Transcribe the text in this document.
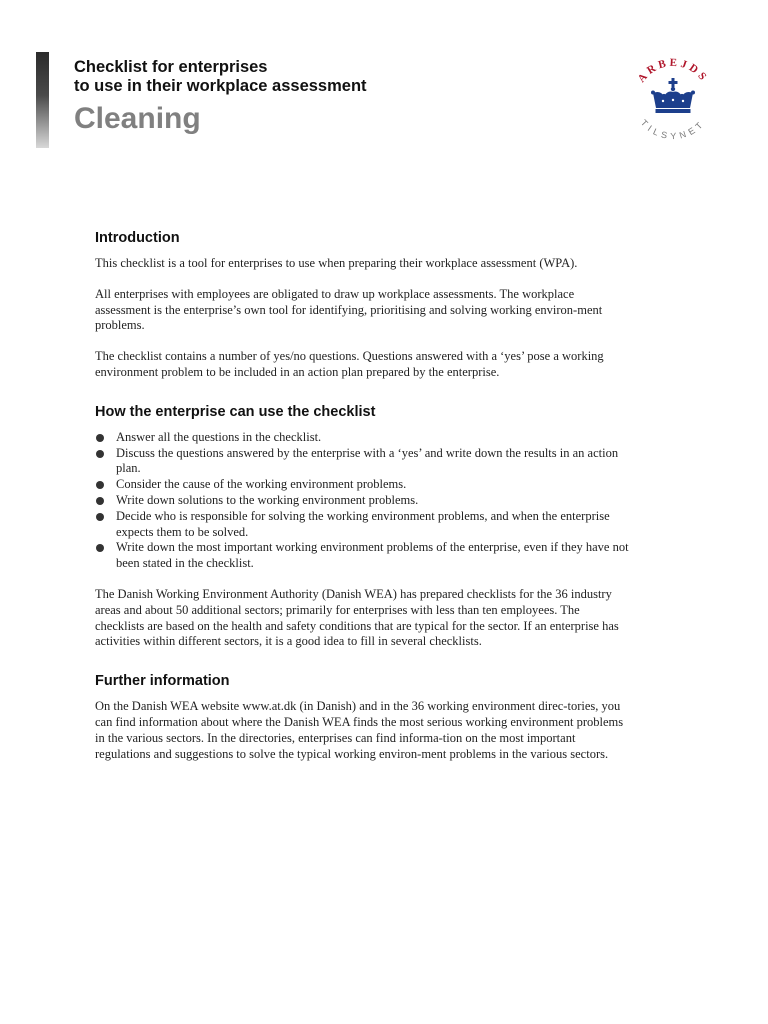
Checklist for enterprises
to use in their workplace assessment
Cleaning
ARBEJDS
TILSYNET
Introduction

This checklist is a tool for enterprises to use when preparing their workplace assessment (WPA).

All enterprises with employees are obligated to draw up workplace assessments. The workplace assessment is the enterprise’s own tool for identifying, prioritising and solving working environ-ment problems.

The checklist contains a number of yes/no questions. Questions answered with a ‘yes’ pose a working environment problem to be included in an action plan prepared by the enterprise.

How the enterprise can use the checklist
Answer all the questions in the checklist.
Discuss the questions answered by the enterprise with a ‘yes’ and write down the results in an action plan.
Consider the cause of the working environment problems.
Write down solutions to the working environment problems.
Decide who is responsible for solving the working environment problems, and when the enterprise expects them to be solved.
Write down the most important working environment problems of the enterprise, even if they have not been stated in the checklist.

The Danish Working Environment Authority (Danish WEA) has prepared checklists for the 36 industry areas and about 50 additional sectors; primarily for enterprises with less than ten employees. The checklists are based on the health and safety conditions that are typical for the sector. If an enterprise has activities within different sectors, it is a good idea to fill in several checklists.

Further information

On the Danish WEA website www.at.dk (in Danish) and in the 36 working environment direc-tories, you can find information about where the Danish WEA finds the most serious working environment problems in the various sectors. In the directories, enterprises can find informa-tion on the most important regulations and suggestions to solve the typical working environ-ment problems in the various sectors.
